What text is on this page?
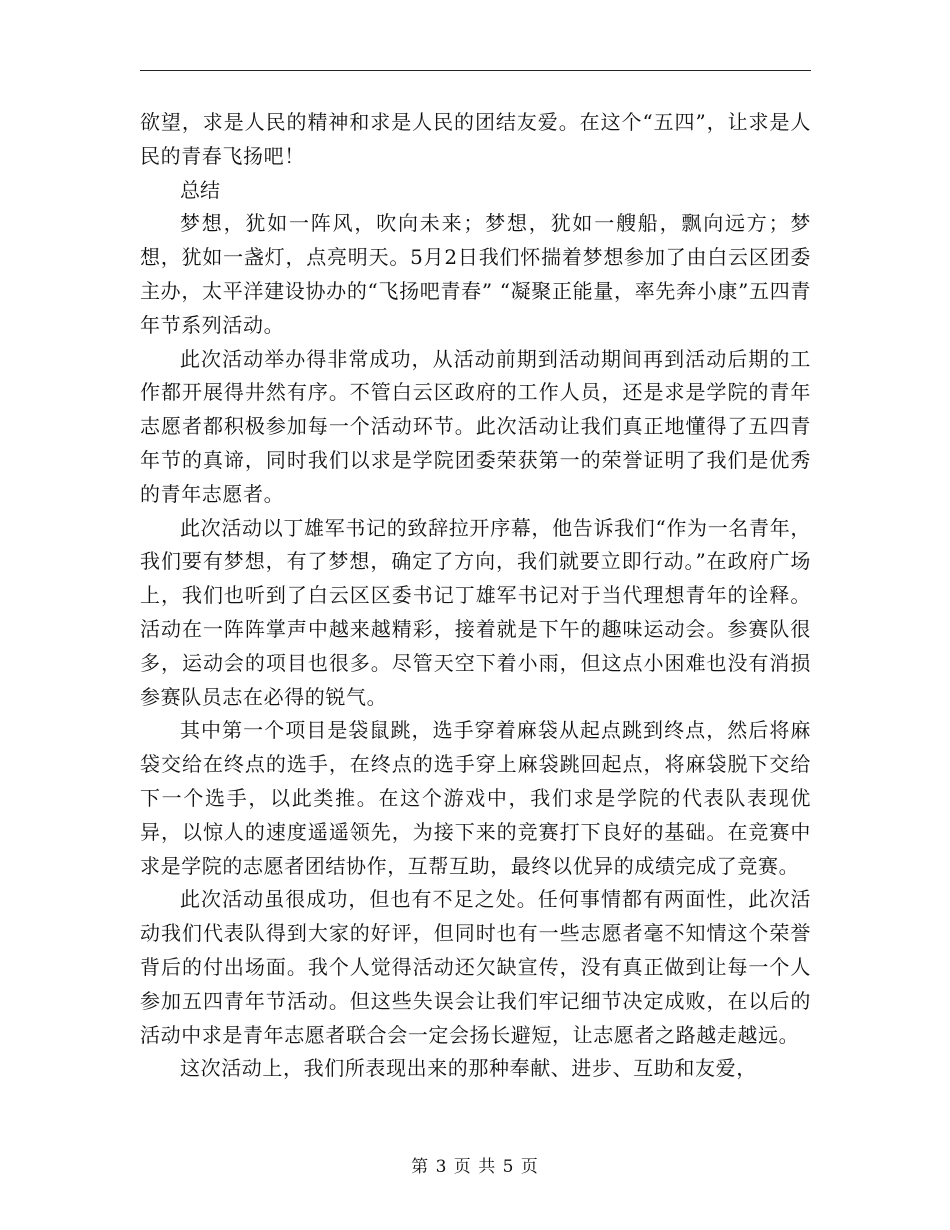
欲望，求是人民的精神和求是人民的团结友爱。在这个“五四”，让求是人民的青春飞扬吧！

总结

梦想，犹如一阵风，吹向未来；梦想，犹如一艘船，飘向远方；梦想，犹如一盏灯，点亮明天。5月2日我们怀揣着梦想参加了由白云区团委主办，太平洋建设协办的“飞扬吧青春” “凝聚正能量，率先奔小康”五四青年节系列活动。

此次活动举办得非常成功，从活动前期到活动期间再到活动后期的工作都开展得井然有序。不管白云区政府的工作人员，还是求是学院的青年志愿者都积极参加每一个活动环节。此次活动让我们真正地懂得了五四青年节的真谛，同时我们以求是学院团委荣获第一的荣誉证明了我们是优秀的青年志愿者。

此次活动以丁雄军书记的致辞拉开序幕，他告诉我们“作为一名青年，我们要有梦想，有了梦想，确定了方向，我们就要立即行动。”在政府广场上，我们也听到了白云区区委书记丁雄军书记对于当代理想青年的诠释。活动在一阵阵掌声中越来越精彩，接着就是下午的趣味运动会。参赛队很多，运动会的项目也很多。尽管天空下着小雨，但这点小困难也没有消损参赛队员志在必得的锐气。

其中第一个项目是袋鼠跳，选手穿着麻袋从起点跳到终点，然后将麻袋交给在终点的选手，在终点的选手穿上麻袋跳回起点，将麻袋脱下交给下一个选手，以此类推。在这个游戏中，我们求是学院的代表队表现优异，以惊人的速度遥遥领先，为接下来的竞赛打下良好的基础。在竞赛中求是学院的志愿者团结协作，互帮互助，最终以优异的成绩完成了竞赛。

此次活动虽很成功，但也有不足之处。任何事情都有两面性，此次活动我们代表队得到大家的好评，但同时也有一些志愿者毫不知情这个荣誉背后的付出场面。我个人觉得活动还欠缺宣传，没有真正做到让每一个人参加五四青年节活动。但这些失误会让我们牢记细节决定成败，在以后的活动中求是青年志愿者联合会一定会扬长避短，让志愿者之路越走越远。

这次活动上，我们所表现出来的那种奉献、进步、互助和友爱，

第 3 页 共 5 页
